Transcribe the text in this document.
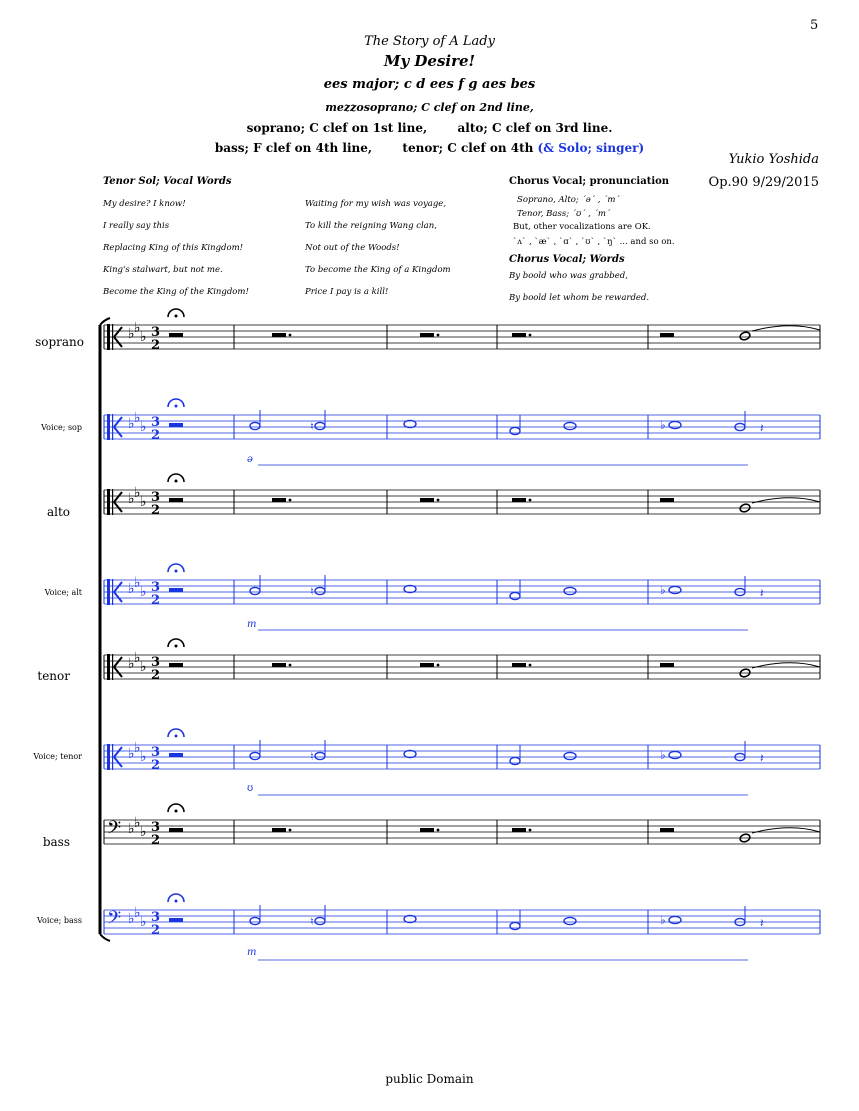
5
The Story of A Lady
My Desire!
ees major; c d ees f g aes bes
mezzosoprano; C clef on 2nd line,
soprano; C clef on 1st line,	alto; C clef on 3rd line.
bass; F clef on 4th line,	tenor; C clef on 4th (& Solo; singer)
Yukio Yoshida
Op.90 9/29/2015
Tenor Sol; Vocal Words
My desire? I know!
I really say this
Replacing King of this Kingdom!
King's stalwart, but not me.
Become the King of the Kingdom!
Waiting for my wish was voyage,
To kill the reigning Wang clan,
Not out of the Woods!
To become the King of a Kingdom
Price I pay is a kill!
Chorus Vocal; pronunciation
Soprano, Alto; ´ə´ , ´m´
Tenor, Bass; ´ʊ´ , ´m´
But, other vocalizations are OK.
`ʌ` , `æ` , `ɑ` , `ʊ` , `ŋ` ... and so on.
Chorus Vocal; Words
By boold who was grabbed,
By boold let whom be rewarded.
soprano
Voice; sop
alto
Voice; alt
tenor
Voice; tenor
bass
Voice; bass
♭ ♭
♭ 3
2
♭ ♭
♭ 3
2
♮	♭	𝄽
♭ ♭
♭ 3
2
♭ ♭
♭ 3
2
♮	♭	𝄽
♭ ♭
♭ 3
2
♭ ♭
♭ 3
2
♮	♭	𝄽
𝄢 ♭ ♭
♭ 3
2
𝄢 ♭ ♭
♭ 3
2
♮	♭	𝄽
ə
m
ʊ
m
public Domain
